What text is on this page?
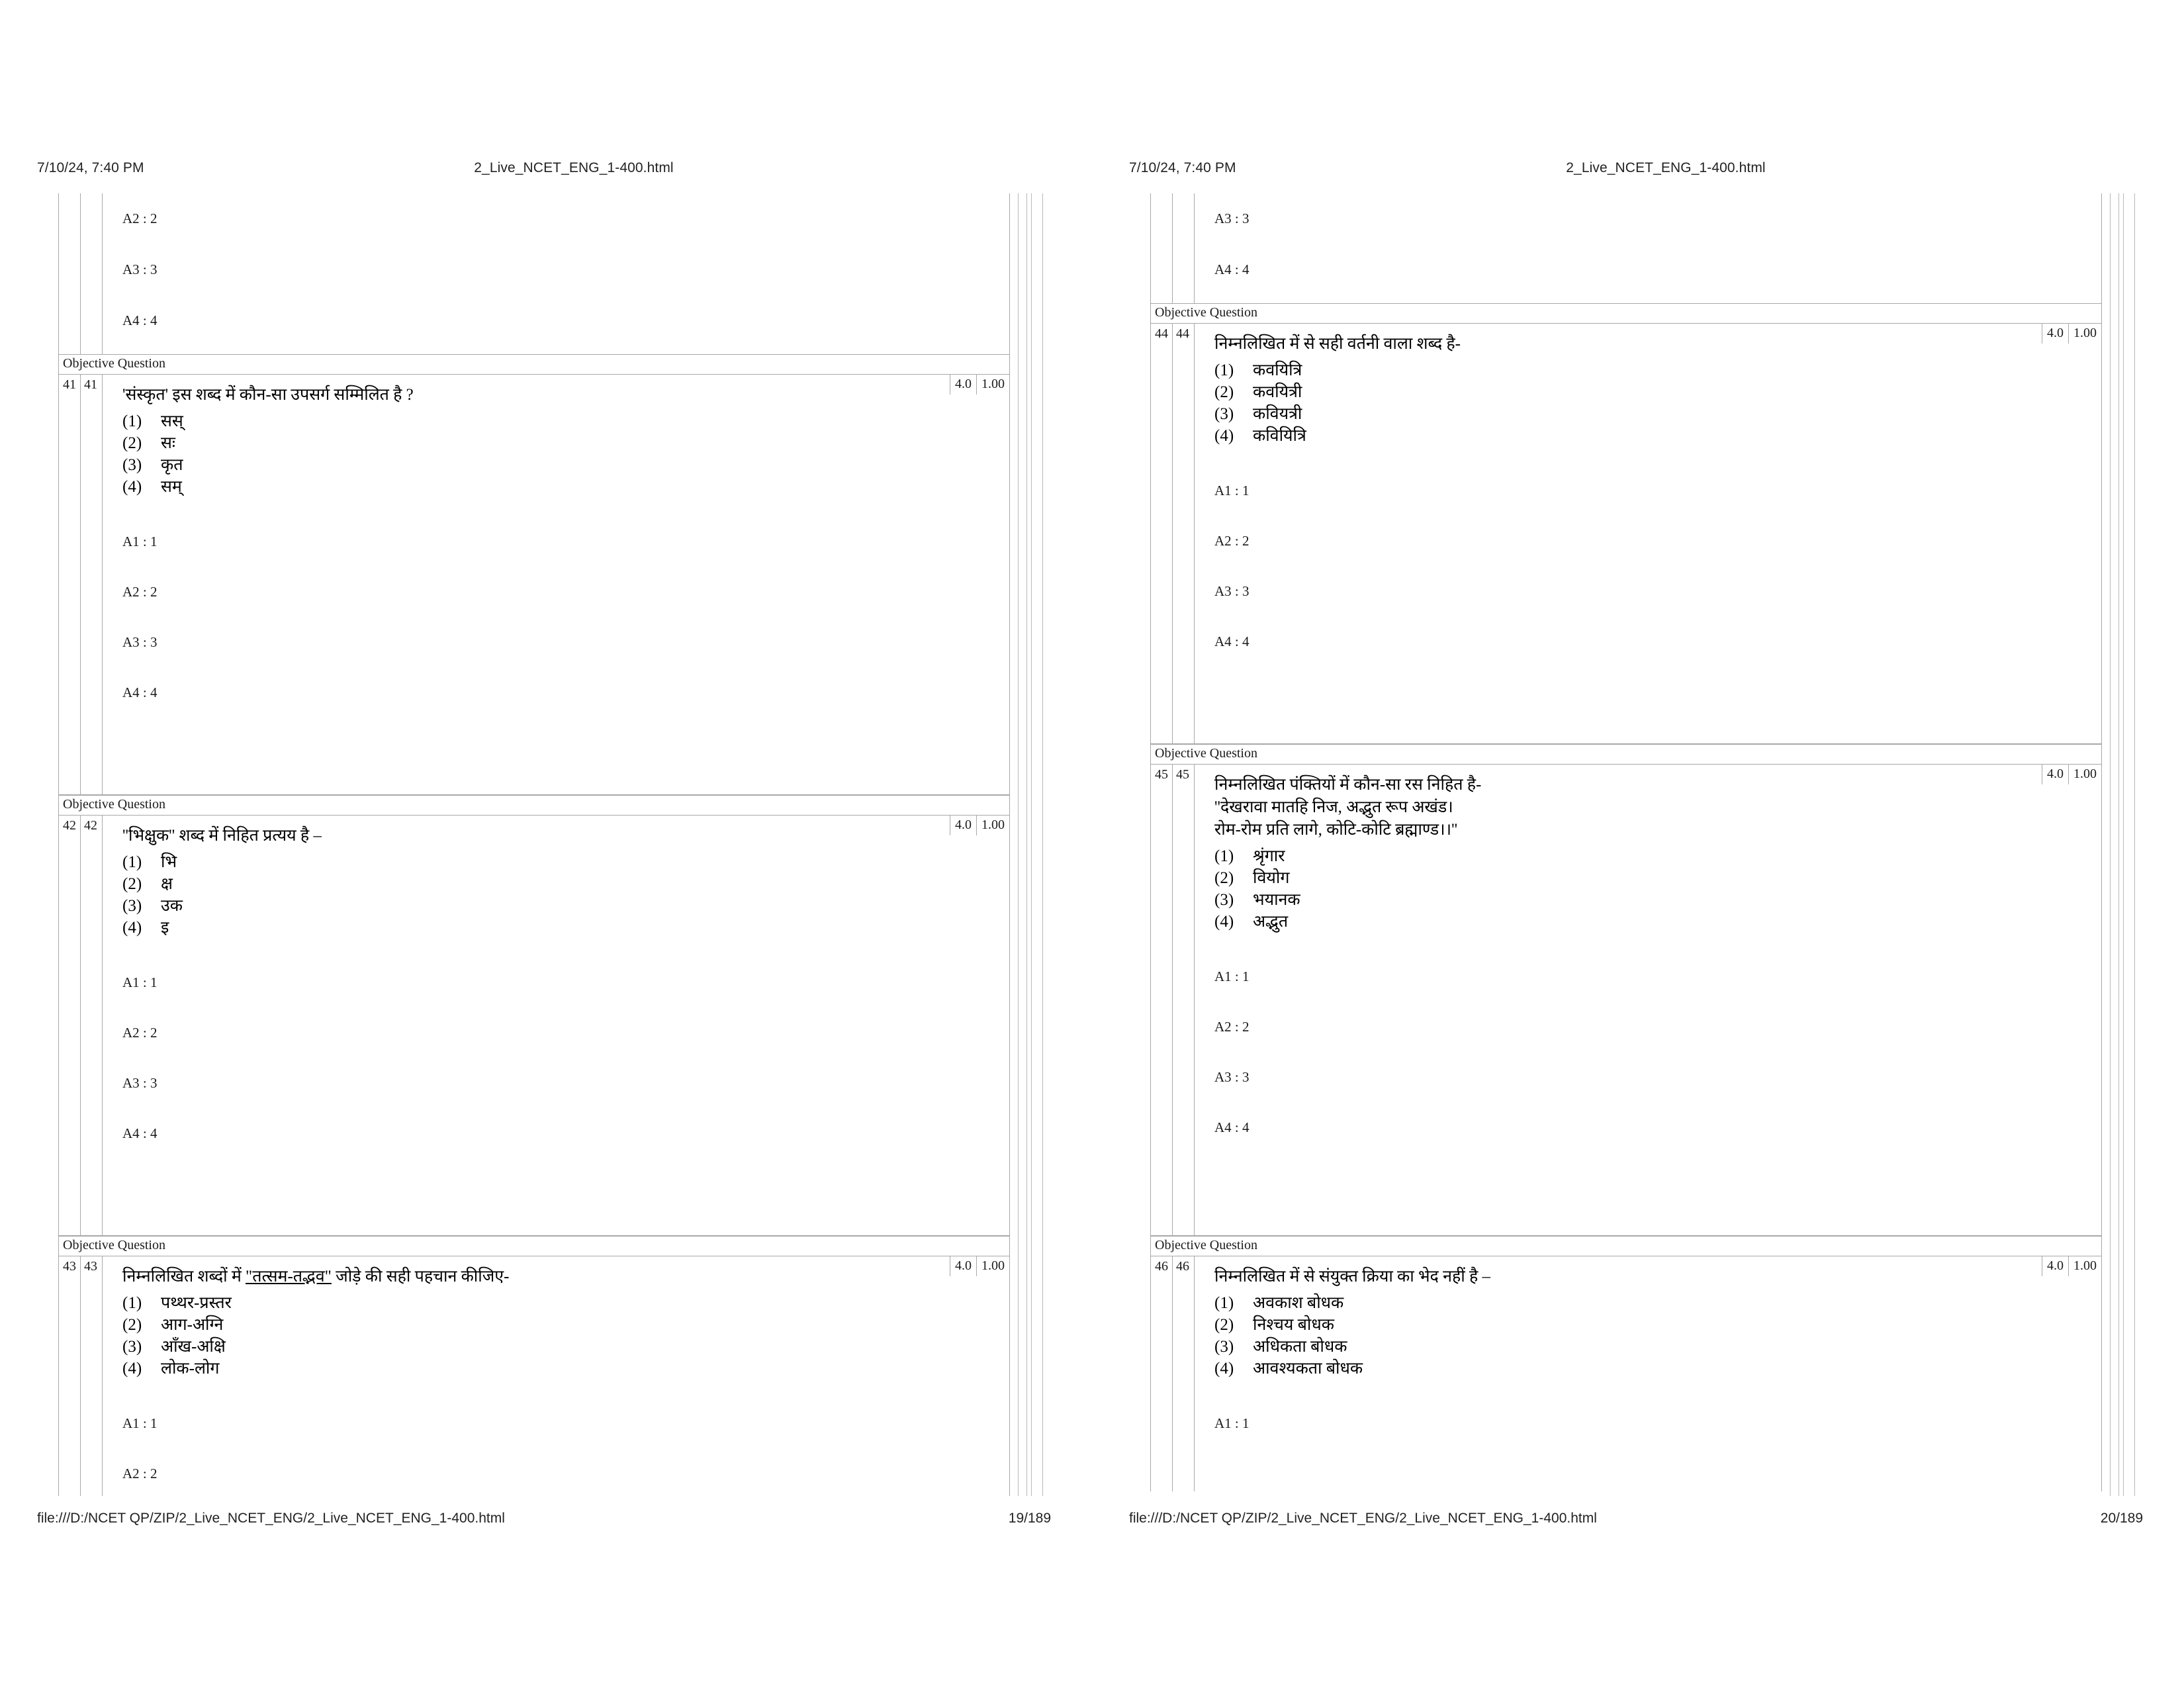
7/10/24, 7:40 PM	2_Live_NCET_ENG_1-400.html
A2 : 2
A3 : 3
A4 : 4
Objective Question
41 41	4.0 1.00
'संस्कृत' इस शब्द में कौन-सा उपसर्ग सम्मिलित है ?
(1) सस्
(2) सः
(3) कृत
(4) सम्
A1 : 1
A2 : 2
A3 : 3
A4 : 4
Objective Question
42 42	4.0 1.00
''भिक्षुक'' शब्द में निहित प्रत्यय है –
(1) भि
(2) क्ष
(3) उक
(4) इ
A1 : 1
A2 : 2
A3 : 3
A4 : 4
Objective Question
43 43	4.0 1.00
निम्नलिखित शब्दों में "तत्सम-तद्भव" जोड़े की सही पहचान कीजिए-
(1) पथ्थर-प्रस्तर
(2) आग-अग्नि
(3) आँख-अक्षि
(4) लोक-लोग
A1 : 1
A2 : 2
file:///D:/NCET QP/ZIP/2_Live_NCET_ENG/2_Live_NCET_ENG_1-400.html	19/189
7/10/24, 7:40 PM	2_Live_NCET_ENG_1-400.html
A3 : 3
A4 : 4
Objective Question
44 44	4.0 1.00
निम्नलिखित में से सही वर्तनी वाला शब्द है-
(1) कवयित्रि
(2) कवयित्री
(3) कवियत्री
(4) कवियित्रि
A1 : 1
A2 : 2
A3 : 3
A4 : 4
Objective Question
45 45	4.0 1.00
निम्नलिखित पंक्तियों में कौन-सा रस निहित है-
''देखरावा मातहि निज, अद्भुत रूप अखंड।
रोम-रोम प्रति लागे, कोटि-कोटि ब्रह्माण्ड।।''
(1) श्रृंगार
(2) वियोग
(3) भयानक
(4) अद्भुत
A1 : 1
A2 : 2
A3 : 3
A4 : 4
Objective Question
46 46	4.0 1.00
निम्नलिखित में से संयुक्त क्रिया का भेद नहीं है –
(1) अवकाश बोधक
(2) निश्चय बोधक
(3) अधिकता बोधक
(4) आवश्यकता बोधक
A1 : 1
file:///D:/NCET QP/ZIP/2_Live_NCET_ENG/2_Live_NCET_ENG_1-400.html	20/189
